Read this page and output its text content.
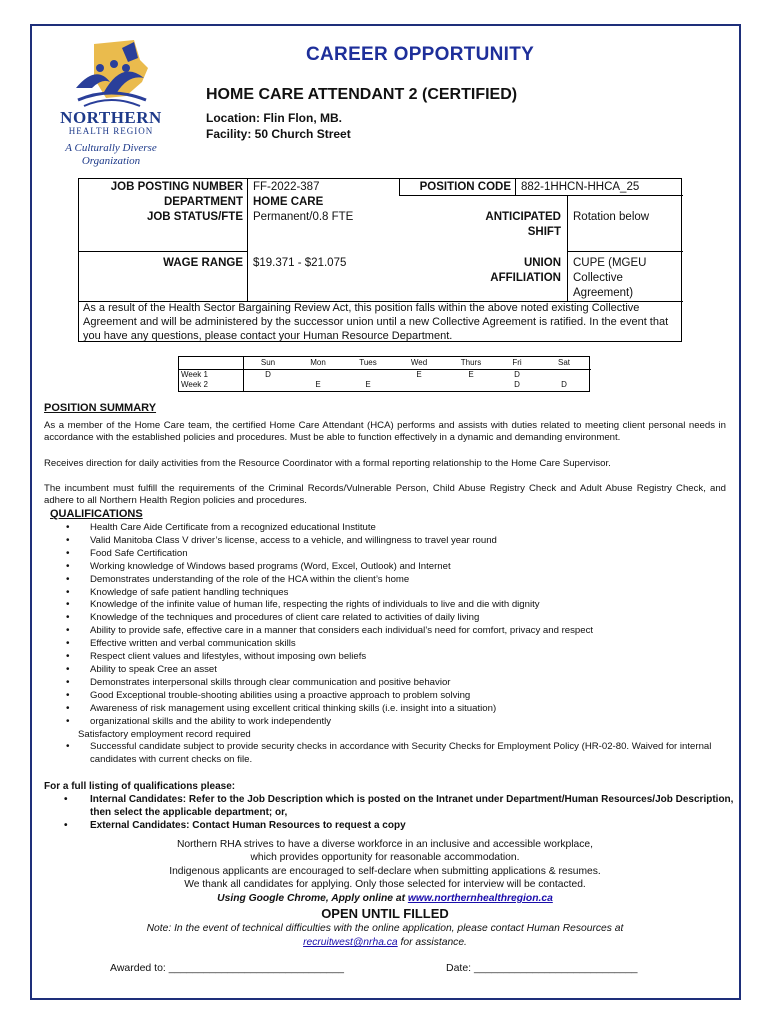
NORTHERN
HEALTH REGION
A Culturally Diverse
Organization
CAREER OPPORTUNITY
HOME CARE ATTENDANT 2 (CERTIFIED)
Location: Flin Flon, MB.
Facility: 50 Church Street
JOB POSTING NUMBER
DEPARTMENT
JOB STATUS/FTE
WAGE RANGE
FF-2022-387
HOME CARE
Permanent/0.8 FTE
$19.371 - $21.075
POSITION CODE 882-1HHCN-HHCA_25
ANTICIPATED
SHIFT
Rotation below
UNION
AFFILIATION
CUPE (MGEU
Collective
Agreement)
As a result of the Health Sector Bargaining Review Act, this position falls within the above noted existing Collective Agreement and will be administered by the successor union until a new Collective Agreement is ratified. In the event that you have any questions, please contact your Human Resource Department.
Week 1
Week 2
Sun
D
Mon
E
Tues
E
Wed
E
Thurs
E
Fri
D
D
Sat
D
POSITION SUMMARY
As a member of the Home Care team, the certified Home Care Attendant (HCA) performs and assists with duties related to meeting client personal needs in accordance with the established policies and procedures. Must be able to function effectively in a dynamic and demanding environment.
Receives direction for daily activities from the Resource Coordinator with a formal reporting relationship to the Home Care Supervisor.
The incumbent must fulfill the requirements of the Criminal Records/Vulnerable Person, Child Abuse Registry Check and Adult Abuse Registry Check, and adhere to all Northern Health Region policies and procedures.
QUALIFICATIONS
• Health Care Aide Certificate from a recognized educational Institute
• Valid Manitoba Class V driver’s license, access to a vehicle, and willingness to travel year round
• Food Safe Certification
• Working knowledge of Windows based programs (Word, Excel, Outlook) and Internet
• Demonstrates understanding of the role of the HCA within the client’s home
• Knowledge of safe patient handling techniques
• Knowledge of the infinite value of human life, respecting the rights of individuals to live and die with dignity
• Knowledge of the techniques and procedures of client care related to activities of daily living
• Ability to provide safe, effective care in a manner that considers each individual’s need for comfort, privacy and respect
• Effective written and verbal communication skills
• Respect client values and lifestyles, without imposing own beliefs
• Ability to speak Cree an asset
• Demonstrates interpersonal skills through clear communication and positive behavior
• Good Exceptional trouble-shooting abilities using a proactive approach to problem solving
• Awareness of risk management using excellent critical thinking skills (i.e. insight into a situation)
• organizational skills and the ability to work independently
Satisfactory employment record required
• Successful candidate subject to provide security checks in accordance with Security Checks for Employment Policy (HR-02-80. Waived for internal candidates with current checks on file.
For a full listing of qualifications please:
• Internal Candidates: Refer to the Job Description which is posted on the Intranet under Department/Human Resources/Job Description, then select the applicable department; or,
• External Candidates: Contact Human Resources to request a copy
Northern RHA strives to have a diverse workforce in an inclusive and accessible workplace,
which provides opportunity for reasonable accommodation.
Indigenous applicants are encouraged to self-declare when submitting applications & resumes.
We thank all candidates for applying. Only those selected for interview will be contacted.
Using Google Chrome, Apply online at www.northernhealthregion.ca
OPEN UNTIL FILLED
Note: In the event of technical difficulties with the online application, please contact Human Resources at
recruitwest@nrha.ca for assistance.
Awarded to: ______________________________	Date: ____________________________
